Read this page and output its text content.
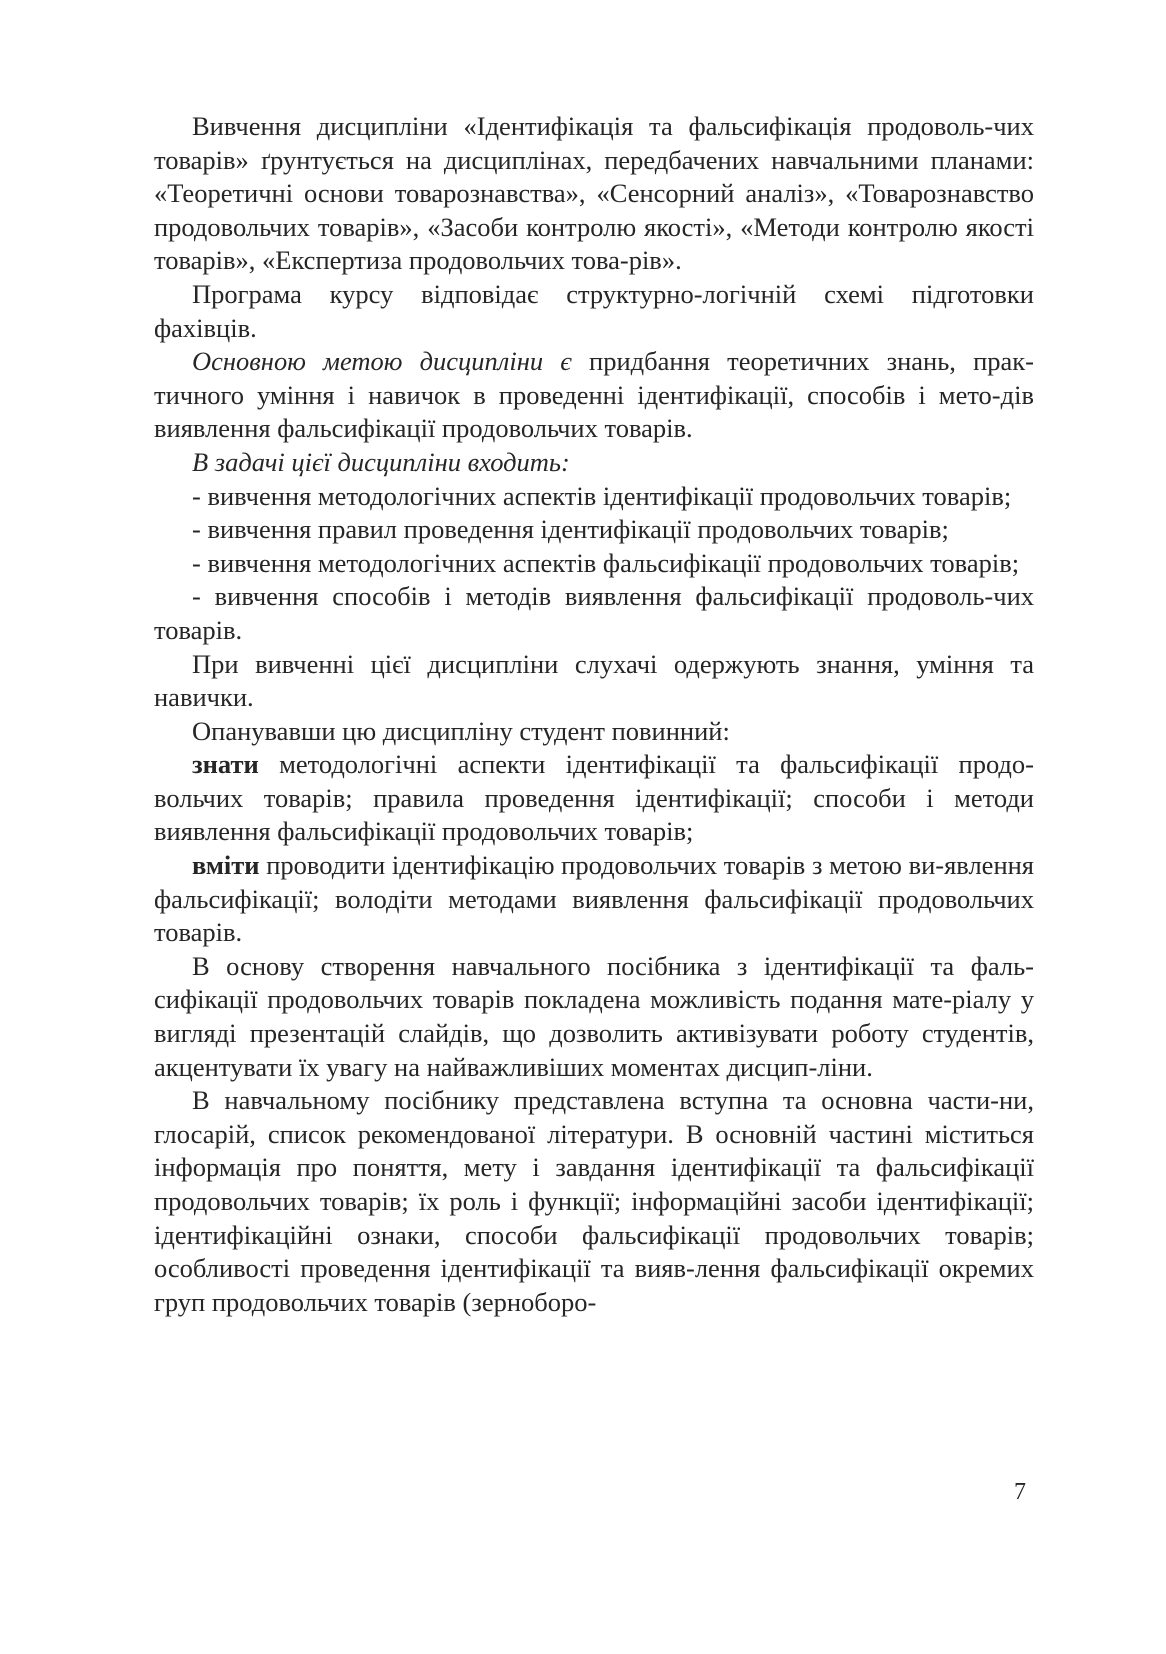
Вивчення дисципліни «Ідентифікація та фальсифікація продоволь-чих товарів» ґрунтується на дисциплінах, передбачених навчальними планами: «Теоретичні основи товарознавства», «Сенсорний аналіз», «Товарознавство продовольчих товарів», «Засоби контролю якості», «Методи контролю якості товарів», «Експертиза продовольчих това-рів».

Програма курсу відповідає структурно-логічній схемі підготовки фахівців.

Основною метою дисципліни є придбання теоретичних знань, прак-тичного уміння і навичок в проведенні ідентифікації, способів і мето-дів виявлення фальсифікації продовольчих товарів.

В задачі цієї дисципліни входить:

- вивчення методологічних аспектів ідентифікації продовольчих товарів;

- вивчення правил проведення ідентифікації продовольчих товарів;

- вивчення методологічних аспектів фальсифікації продовольчих товарів;

- вивчення способів і методів виявлення фальсифікації продоволь-чих товарів.

При вивченні цієї дисципліни слухачі одержують знання, уміння та навички.

Опанувавши цю дисципліну студент повинний:

знати методологічні аспекти ідентифікації та фальсифікації продо-вольчих товарів; правила проведення ідентифікації; способи і методи виявлення фальсифікації продовольчих товарів;

вміти проводити ідентифікацію продовольчих товарів з метою ви-явлення фальсифікації; володіти методами виявлення фальсифікації продовольчих товарів.

В основу створення навчального посібника з ідентифікації та фаль-сифікації продовольчих товарів покладена можливість подання мате-ріалу у вигляді презентацій слайдів, що дозволить активізувати роботу студентів, акцентувати їх увагу на найважливіших моментах дисцип-ліни.

В навчальному посібнику представлена вступна та основна части-ни, глосарій, список рекомендованої літератури. В основній частині міститься інформація про поняття, мету і завдання ідентифікації та фальсифікації продовольчих товарів; їх роль і функції; інформаційні засоби ідентифікації; ідентифікаційні ознаки, способи фальсифікації продовольчих товарів; особливості проведення ідентифікації та вияв-лення фальсифікації окремих груп продовольчих товарів (зерноборо-

7
